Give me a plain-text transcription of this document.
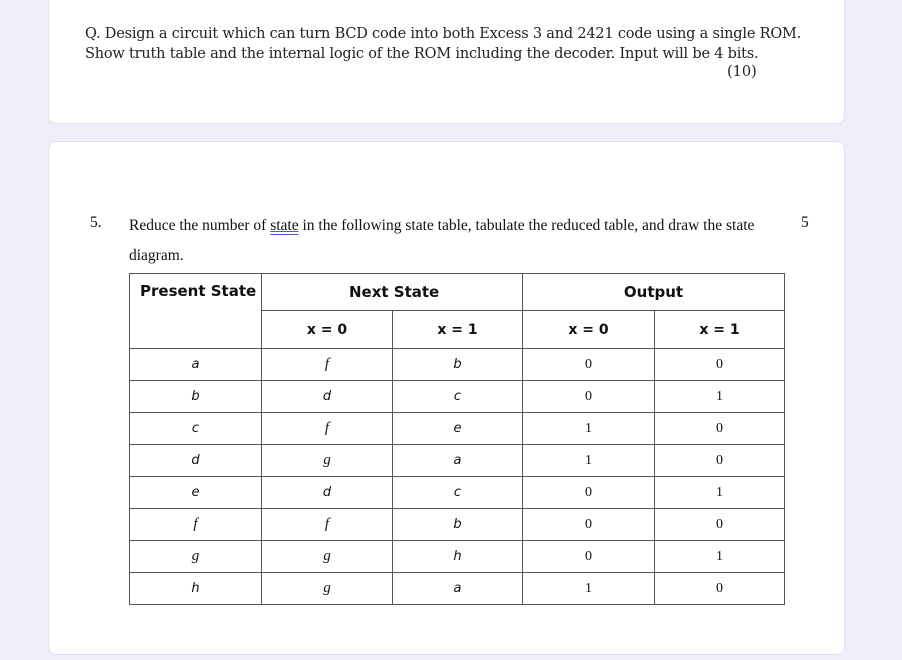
Q. Design a circuit which can turn BCD code into both Excess 3 and 2421 code using a single ROM. Show truth table and the internal logic of the ROM including the decoder. Input will be 4 bits.
(10)
5. Reduce the number of state in the following state table, tabulate the reduced table, and draw the state diagram.
5
Present State	Next State		Output	
	x = 0	x = 1	x = 0	x = 1
a	f	b	0	0
b	d	c	0	1
c	f	e	1	0
d	g	a	1	0
e	d	c	0	1
f	f	b	0	0
g	g	h	0	1
h	g	a	1	0
